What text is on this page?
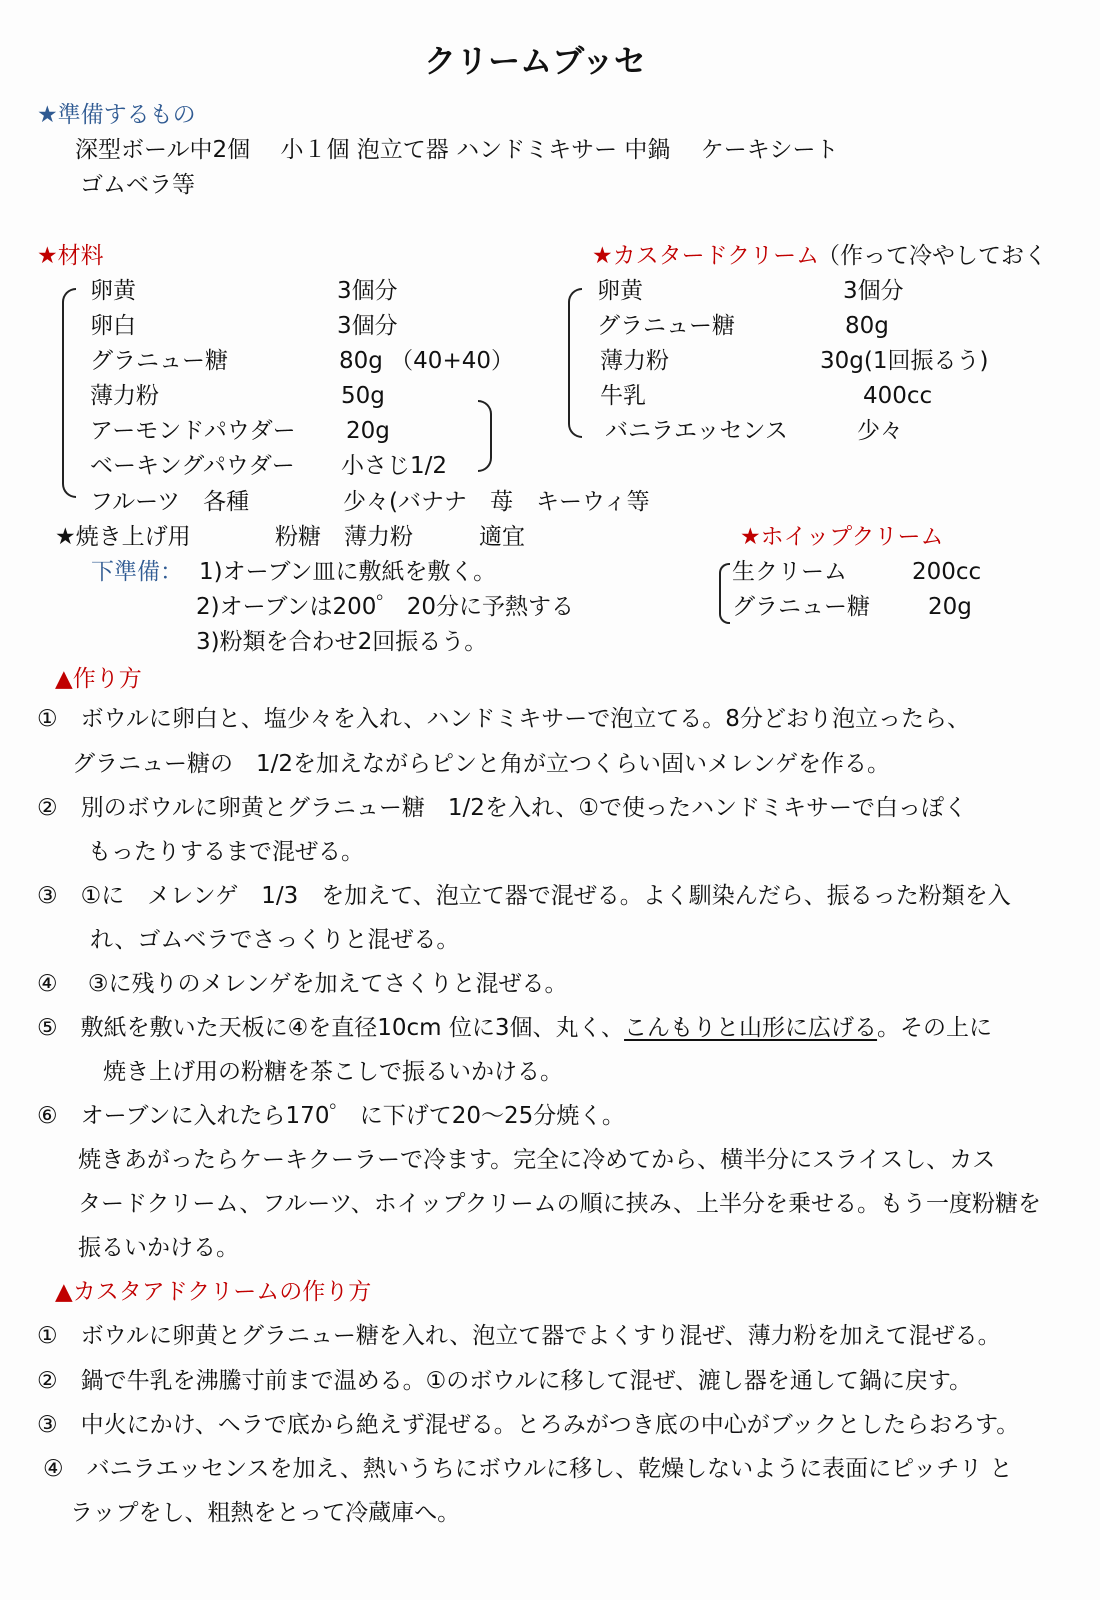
クリームブッセ
★準備するもの
深型ボール中2個　 小１個 泡立て器 ハンドミキサー 中鍋　 ケーキシート
ゴムベラ等
★材料
卵黄	3個分
卵白	3個分
グラニュー糖	80g （40+40）
薄力粉	50g
アーモンドパウダー 20g
ベーキングパウダー 小さじ1/2
フルーツ　各種	少々(バナナ　苺　キーウィ等
★カスタードクリーム
（作って冷やしておく
卵黄	3個分
グラニュー糖	80g
薄力粉	30g(1回振るう)
牛乳	400cc
バニラエッセンス	少々
★焼き上げ用	粉糖　薄力粉	適宜	★ホイップクリーム
生クリーム	200cc
グラニュー糖	20g
下準備： 1)オーブン皿に敷紙を敷く。
2)オーブンは200゜ 20分に予熱する
3)粉類を合わせ2回振るう。
▲作り方
①　ボウルに卵白と、塩少々を入れ、ハンドミキサーで泡立てる。8分どおり泡立ったら、
グラニュー糖の　1/2を加えながらピンと角が立つくらい固いメレンゲを作る。
②　別のボウルに卵黄とグラニュー糖　1/2を入れ、①で使ったハンドミキサーで白っぽく
もったりするまで混ぜる。
③　①に　メレンゲ　1/3　を加えて、泡立て器で混ぜる。よく馴染んだら、振るった粉類を入
れ、ゴムベラでさっくりと混ぜる。
④　 ③に残りのメレンゲを加えてさくりと混ぜる。
⑤　敷紙を敷いた天板に④を直径10cm 位に3個、丸く、こんもりと山形に広げる。その上に
焼き上げ用の粉糖を茶こしで振るいかける。
⑥　オーブンに入れたら170゜ に下げて20～25分焼く。
焼きあがったらケーキクーラーで冷ます。完全に冷めてから、横半分にスライスし、カス
タードクリーム、フルーツ、ホイップクリームの順に挟み、上半分を乗せる。もう一度粉糖を
振るいかける。
▲カスタアドクリームの作り方
①　ボウルに卵黄とグラニュー糖を入れ、泡立て器でよくすり混ぜ、薄力粉を加えて混ぜる。
②　鍋で牛乳を沸騰寸前まで温める。①のボウルに移して混ぜ、漉し器を通して鍋に戻す。
③　中火にかけ、ヘラで底から絶えず混ぜる。とろみがつき底の中心がブックとしたらおろす。
④　バニラエッセンスを加え、熱いうちにボウルに移し、乾燥しないように表面にピッチリ と
ラップをし、粗熱をとって冷蔵庫へ。
